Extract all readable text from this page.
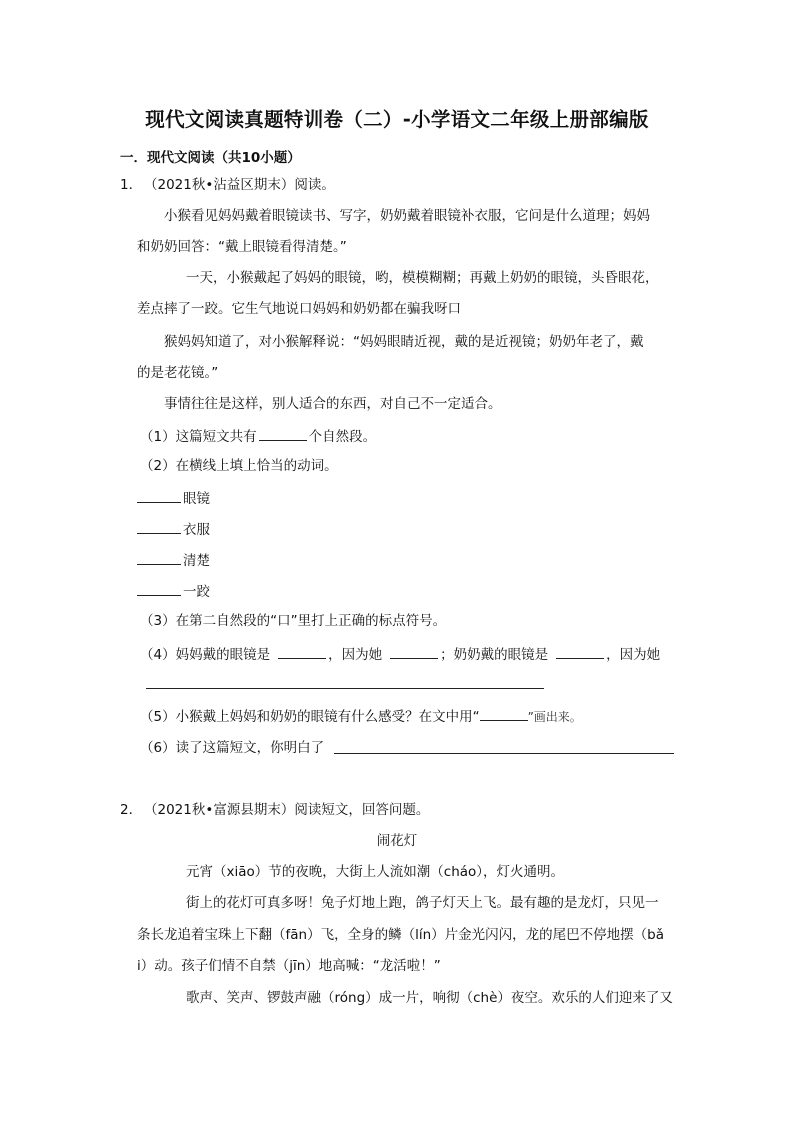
现代文阅读真题特训卷（二）-小学语文二年级上册部编版
一．现代文阅读（共10小题）
1． （2021秋•沾益区期末）阅读。
小猴看见妈妈戴着眼镜读书、写字，奶奶戴着眼镜补衣服，它问是什么道理；妈妈
和奶奶回答：“戴上眼镜看得清楚。”
一天，小猴戴起了妈妈的眼镜，哟，模模糊糊；再戴上奶奶的眼镜，头昏眼花，
差点摔了一跤。它生气地说口妈妈和奶奶都在骗我呀口
猴妈妈知道了，对小猴解释说：“妈妈眼睛近视，戴的是近视镜；奶奶年老了，戴
的是老花镜。”
事情往往是这样，别人适合的东西，对自己不一定适合。
（1）这篇短文共有	个自然段。
（2）在横线上填上恰当的动词。
眼镜
衣服
清楚
一跤
（3）在第二自然段的“口”里打上正确的标点符号。
（4）妈妈戴的眼镜是	，因为她	；奶奶戴的眼镜是	，因为她
（5）小猴戴上妈妈和奶奶的眼镜有什么感受？在文中用“	”画出来。
（6）读了这篇短文，你明白了
2． （2021秋•富源县期末）阅读短文，回答问题。
闹花灯
元宵（xiāo）节的夜晚，大街上人流如潮（cháo），灯火通明。
街上的花灯可真多呀！兔子灯地上跑，鸽子灯天上飞。最有趣的是龙灯，只见一
条长龙追着宝珠上下翻（fān）飞，全身的鳞（lín）片金光闪闪，龙的尾巴不停地摆（bǎ
i）动。孩子们情不自禁（jīn）地高喊：“龙活啦！”
歌声、笑声、锣鼓声融（róng）成一片，响彻（chè）夜空。欢乐的人们迎来了又
